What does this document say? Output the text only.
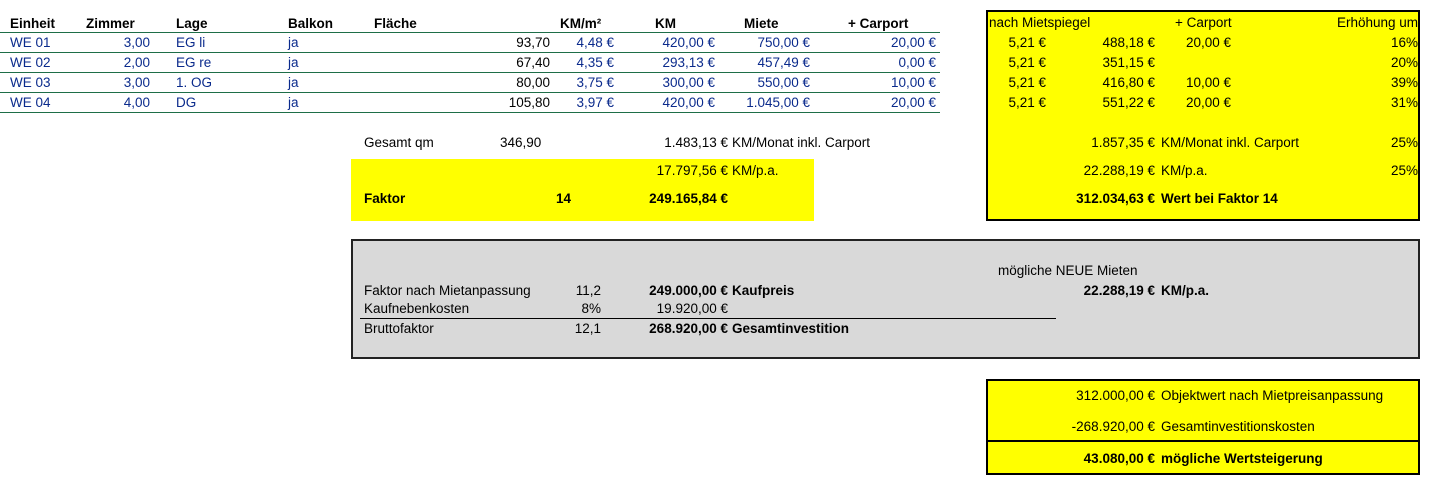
Einheit Zimmer	Lage	Balkon	Fläche	KM/m²	KM	Miete	+ Carport
WE 01	3,00 EG li	ja	93,70 4,48 €	420,00 €	750,00 €	20,00 €
WE 02	2,00 EG re	ja	67,40 4,35 €	293,13 €	457,49 €	0,00 €
WE 03	3,00 1. OG	ja	80,00 3,75 €	300,00 €	550,00 €	10,00 €
WE 04	4,00 DG	ja	105,80 3,97 €	420,00 € 1.045,00 €	20,00 €
Gesamt qm	346,90	1.483,13 € KM/Monat inkl. Carport
17.797,56 € KM/p.a.
Faktor	14	249.165,84 €
nach Mietspiegel	+ Carport	Erhöhung um
5,21 €	488,18 € 20,00 €	16%
5,21 €	351,15 €	20%
5,21 €	416,80 € 10,00 €	39%
5,21 €	551,22 € 20,00 €	31%
1.857,35 € KM/Monat inkl. Carport	25%
22.288,19 € KM/p.a.	25%
312.034,63 € Wert bei Faktor 14
mögliche NEUE Mieten
22.288,19 € KM/p.a.
Faktor nach Mietanpassung	11,2	249.000,00 € Kaufpreis
Kaufnebenkosten	8%	19.920,00 €
Bruttofaktor	12,1	268.920,00 € Gesamtinvestition
312.000,00 € Objektwert nach Mietpreisanpassung
-268.920,00 € Gesamtinvestitionskosten
43.080,00 € mögliche Wertsteigerung
